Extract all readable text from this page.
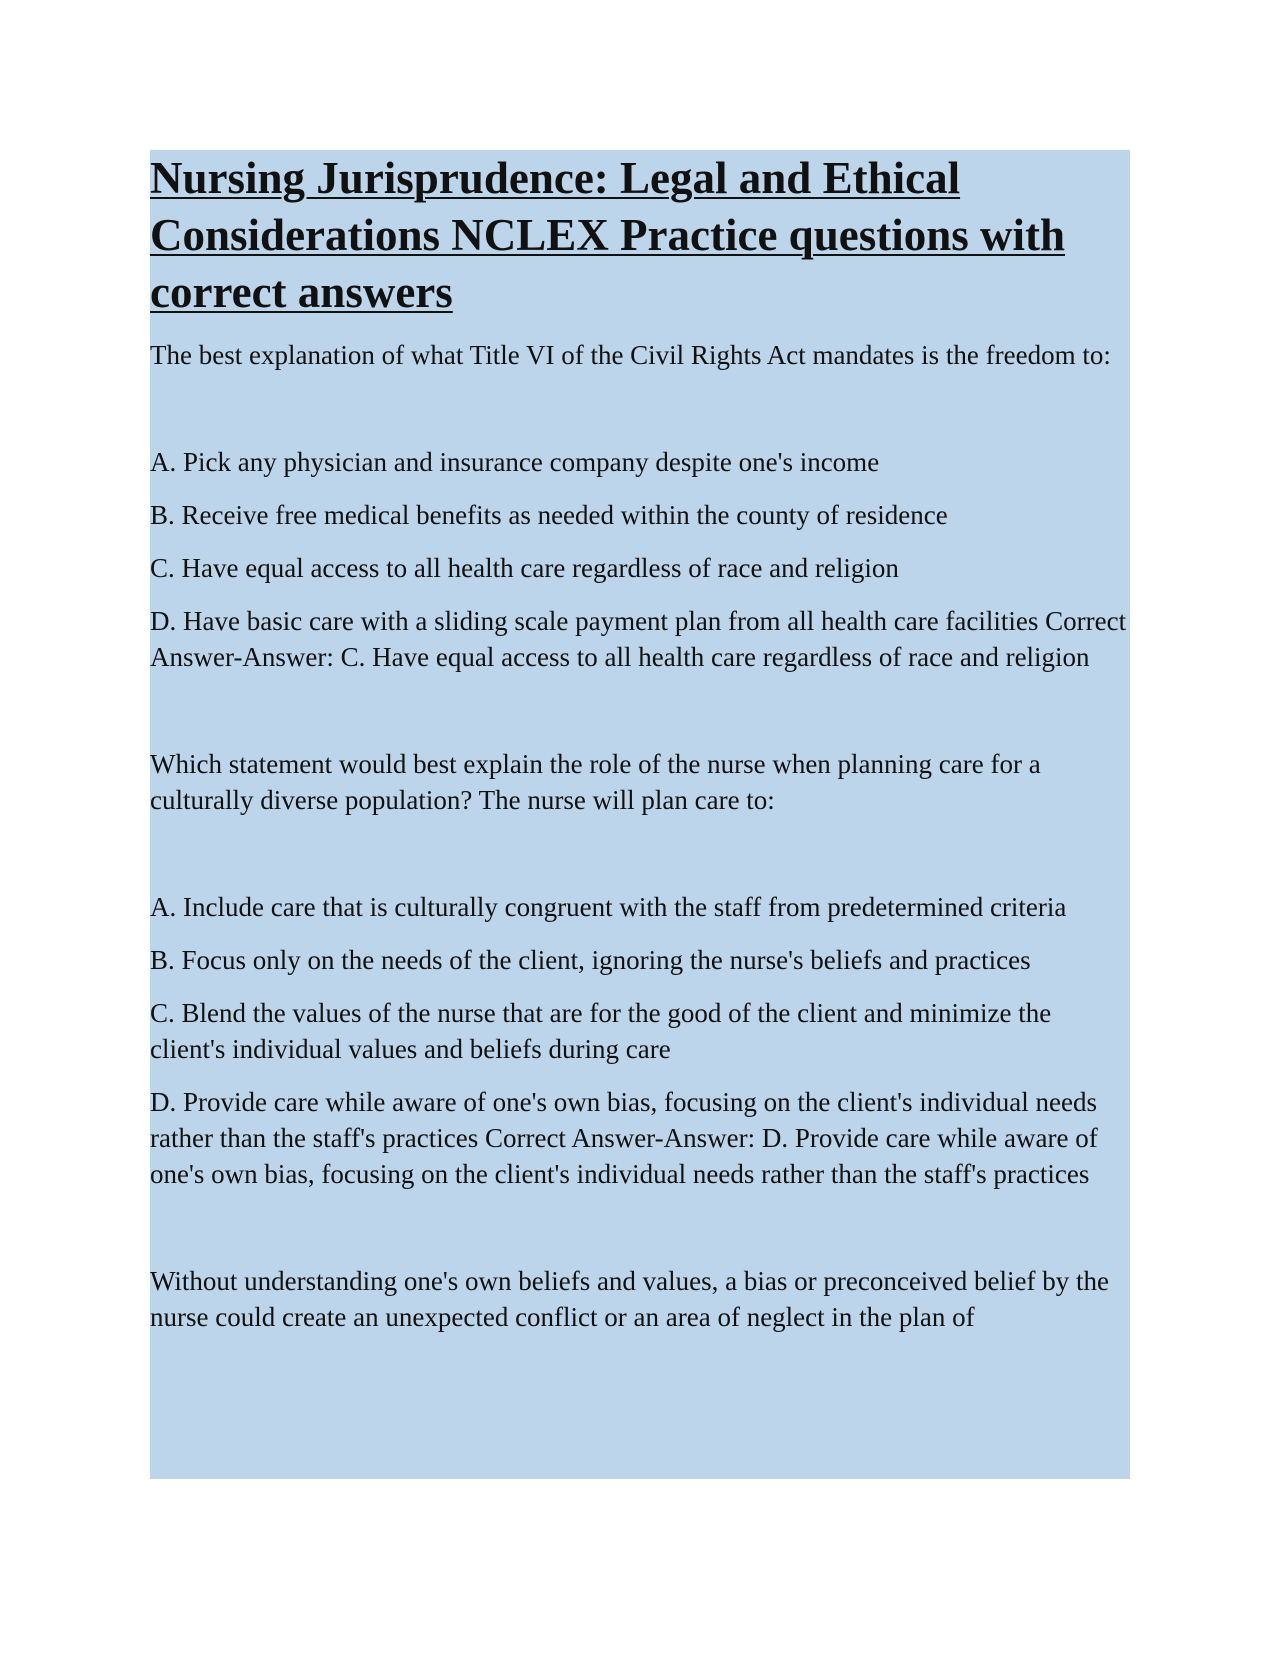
Nursing Jurisprudence: Legal and Ethical Considerations NCLEX Practice questions with correct answers

The best explanation of what Title VI of the Civil Rights Act mandates is the freedom to:

A. Pick any physician and insurance company despite one's income

B. Receive free medical benefits as needed within the county of residence

C. Have equal access to all health care regardless of race and religion

D. Have basic care with a sliding scale payment plan from all health care facilities Correct Answer-Answer: C. Have equal access to all health care regardless of race and religion

Which statement would best explain the role of the nurse when planning care for a culturally diverse population? The nurse will plan care to:

A. Include care that is culturally congruent with the staff from predetermined criteria

B. Focus only on the needs of the client, ignoring the nurse's beliefs and practices

C. Blend the values of the nurse that are for the good of the client and minimize the client's individual values and beliefs during care

D. Provide care while aware of one's own bias, focusing on the client's individual needs rather than the staff's practices Correct Answer-Answer: D. Provide care while aware of one's own bias, focusing on the client's individual needs rather than the staff's practices

Without understanding one's own beliefs and values, a bias or preconceived belief by the nurse could create an unexpected conflict or an area of neglect in the plan of
